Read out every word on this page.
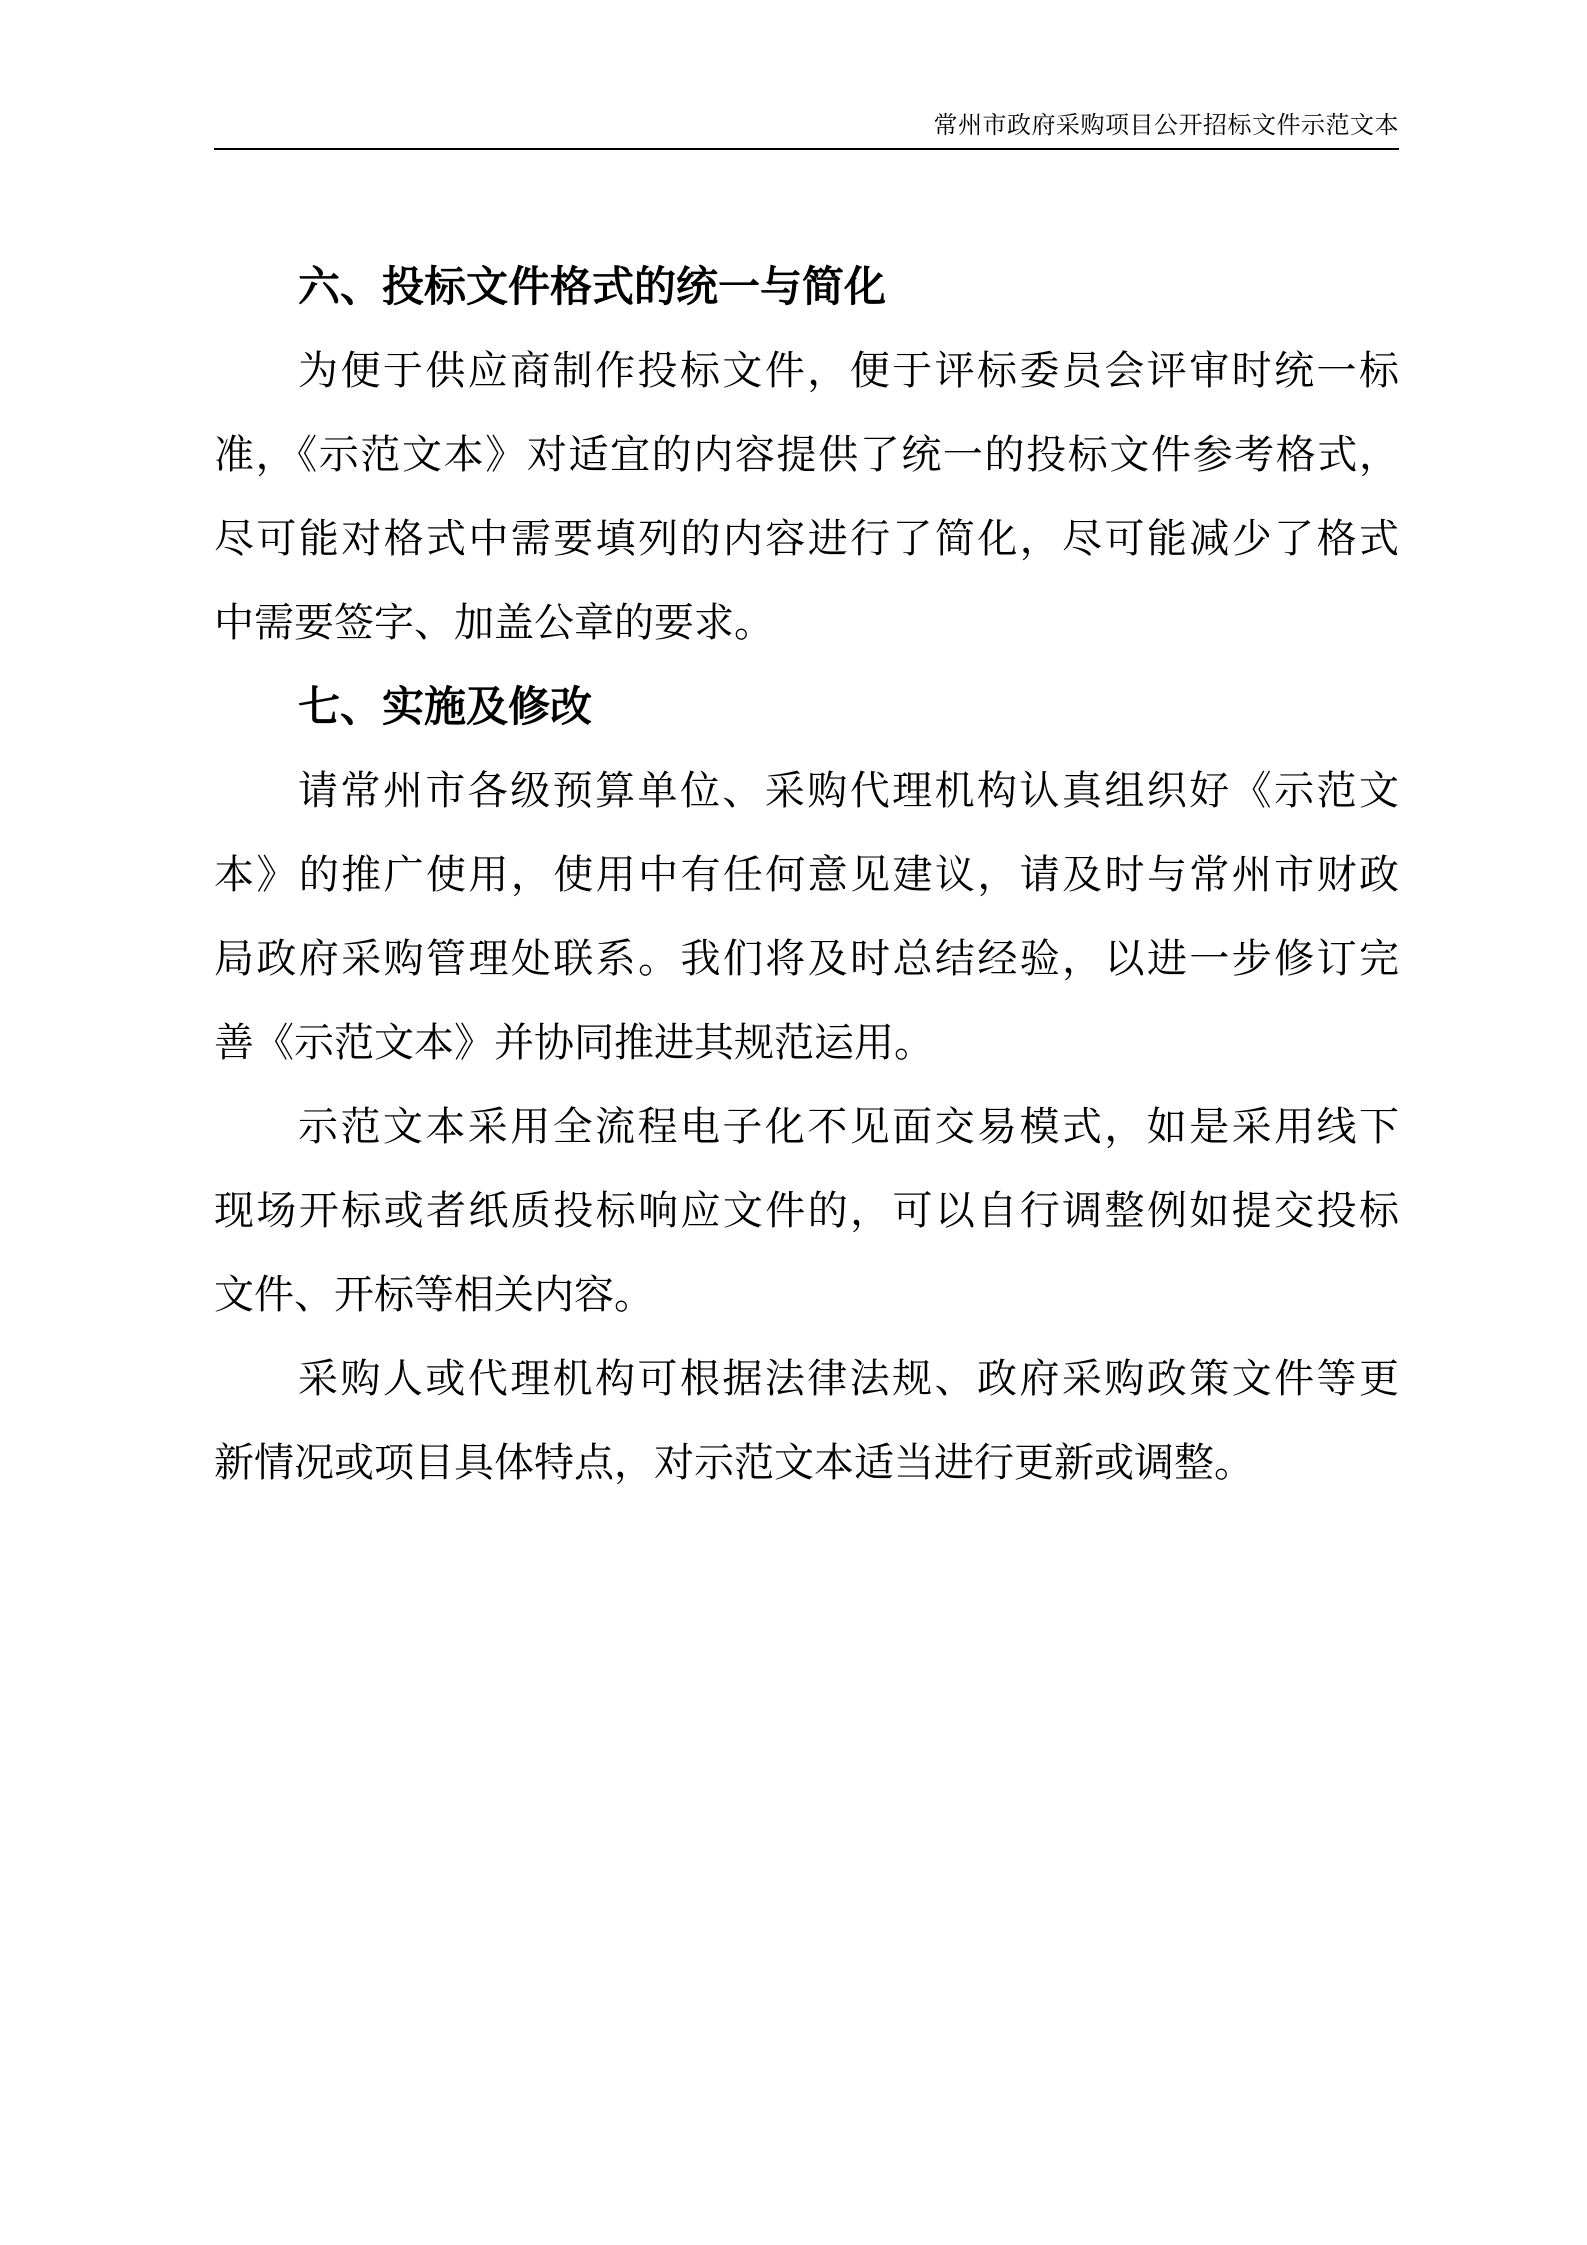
常州市政府采购项目公开招标文件示范文本
六、投标文件格式的统一与简化

为便于供应商制作投标文件，便于评标委员会评审时统一标
准，《示范文本》对适宜的内容提供了统一的投标文件参考格式，
尽可能对格式中需要填列的内容进行了简化，尽可能减少了格式
中需要签字、加盖公章的要求。

七、实施及修改

请常州市各级预算单位、采购代理机构认真组织好《示范文
本》的推广使用，使用中有任何意见建议，请及时与常州市财政
局政府采购管理处联系。我们将及时总结经验，以进一步修订完
善《示范文本》并协同推进其规范运用。

示范文本采用全流程电子化不见面交易模式，如是采用线下
现场开标或者纸质投标响应文件的，可以自行调整例如提交投标
文件、开标等相关内容。

采购人或代理机构可根据法律法规、政府采购政策文件等更
新情况或项目具体特点，对示范文本适当进行更新或调整。
